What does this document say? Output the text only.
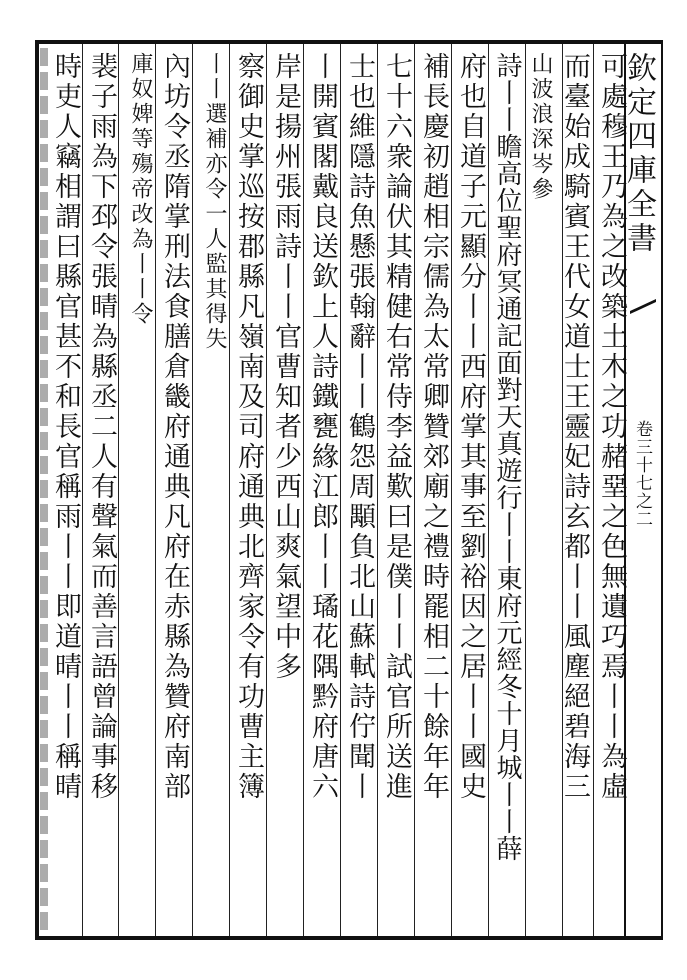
欽定四庫全書
卷三十七之二
可處穆王乃為之改築土木之功赭堊之色無遺巧焉丨丨為虛
而臺始成騎賓王代女道士王靈妃詩玄都丨丨風塵絕碧海三
山波浪深岑參
詩丨丨瞻高位聖府冥通記面對天真遊行丨丨東府元經冬十月城丨丨薛
府也自道子元顯分丨丨西府掌其事至劉裕因之居丨丨國史
補長慶初趙相宗儒為太常卿贊郊廟之禮時罷相二十餘年年
七十六衆論伏其精健右常侍李益歎曰是僕丨丨試官所送進
士也維隱詩魚懸張翰辭丨丨鶴怨周顒負北山蘇軾詩佇聞丨
丨開賓閣戴良送欽上人詩鐵甕緣江郎丨丨璚花隅黔府唐六
岸是揚州張雨詩丨丨官曹知者少西山爽氣望中多
察御史掌巡按郡縣凡嶺南及司府通典北齊家令有功曹主簿
丨丨選補亦令一人監其得失
內坊令丞隋掌刑法食膳倉畿府通典凡府在赤縣為贊府南部
庫奴婢等殤帝改為丨丨令
裴子雨為下邳令張晴為縣丞二人有聲氣而善言語曾論事移
時吏人竊相謂曰縣官甚不和長官稱雨丨丨即道晴丨丨稱晴
